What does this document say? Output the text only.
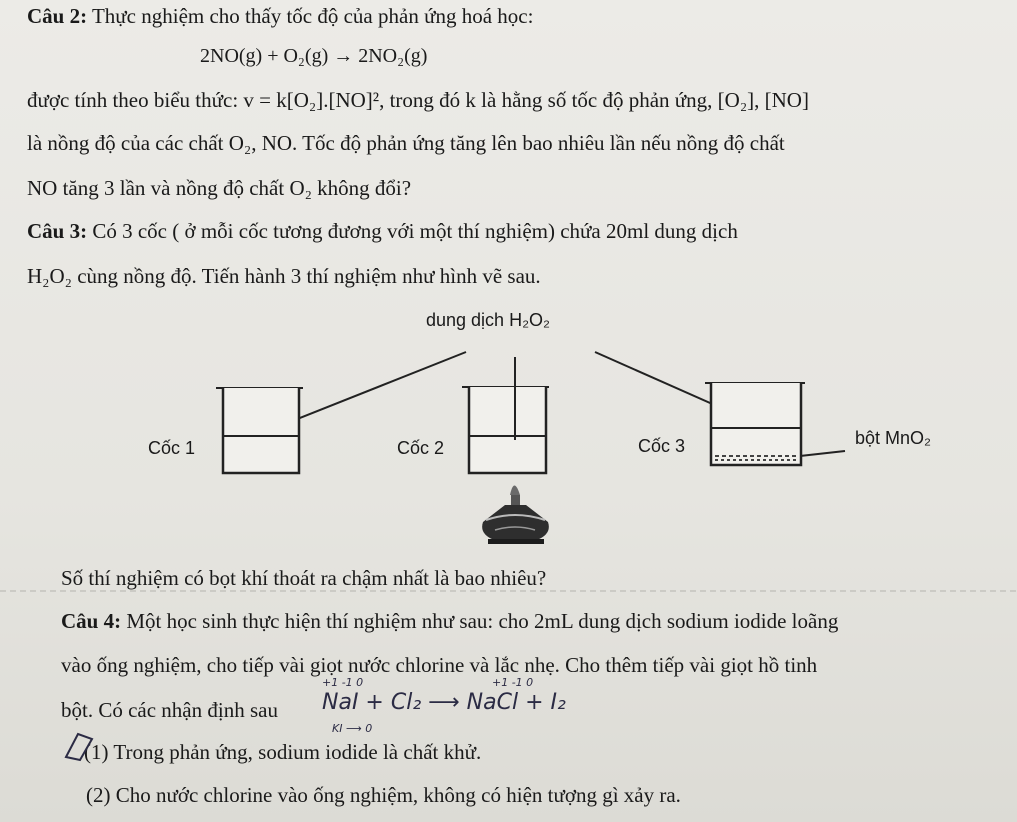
Câu 2: Thực nghiệm cho thấy tốc độ của phản ứng hoá học:
2NO(g) + O₂(g) → 2NO₂(g)
được tính theo biểu thức: v = k[O₂].[NO]², trong đó k là hằng số tốc độ phản ứng, [O₂], [NO]
là nồng độ của các chất O₂, NO. Tốc độ phản ứng tăng lên bao nhiêu lần nếu nồng độ chất
NO tăng 3 lần và nồng độ chất O₂ không đổi?
Câu 3: Có 3 cốc ( ở mỗi cốc tương đương với một thí nghiệm) chứa 20ml dung dịch
H₂O₂ cùng nồng độ. Tiến hành 3 thí nghiệm như hình vẽ sau.
dung dịch H₂O₂
Cốc 1	Cốc 2	Cốc 3	bột MnO₂
Số thí nghiệm có bọt khí thoát ra chậm nhất là bao nhiêu?
Câu 4: Một học sinh thực hiện thí nghiệm như sau: cho 2mL dung dịch sodium iodide loãng
vào ống nghiệm, cho tiếp vài giọt nước chlorine và lắc nhẹ. Cho thêm tiếp vài giọt hồ tinh
bột. Có các nhận định sau
(1) Trong phản ứng, sodium iodide là chất khử.
(2) Cho nước chlorine vào ống nghiệm, không có hiện tượng gì xảy ra.
NaI + Cl₂ ⟶ NaCl + I₂
+1 -1 0	+1 -1 0
KI ⟶ 0
